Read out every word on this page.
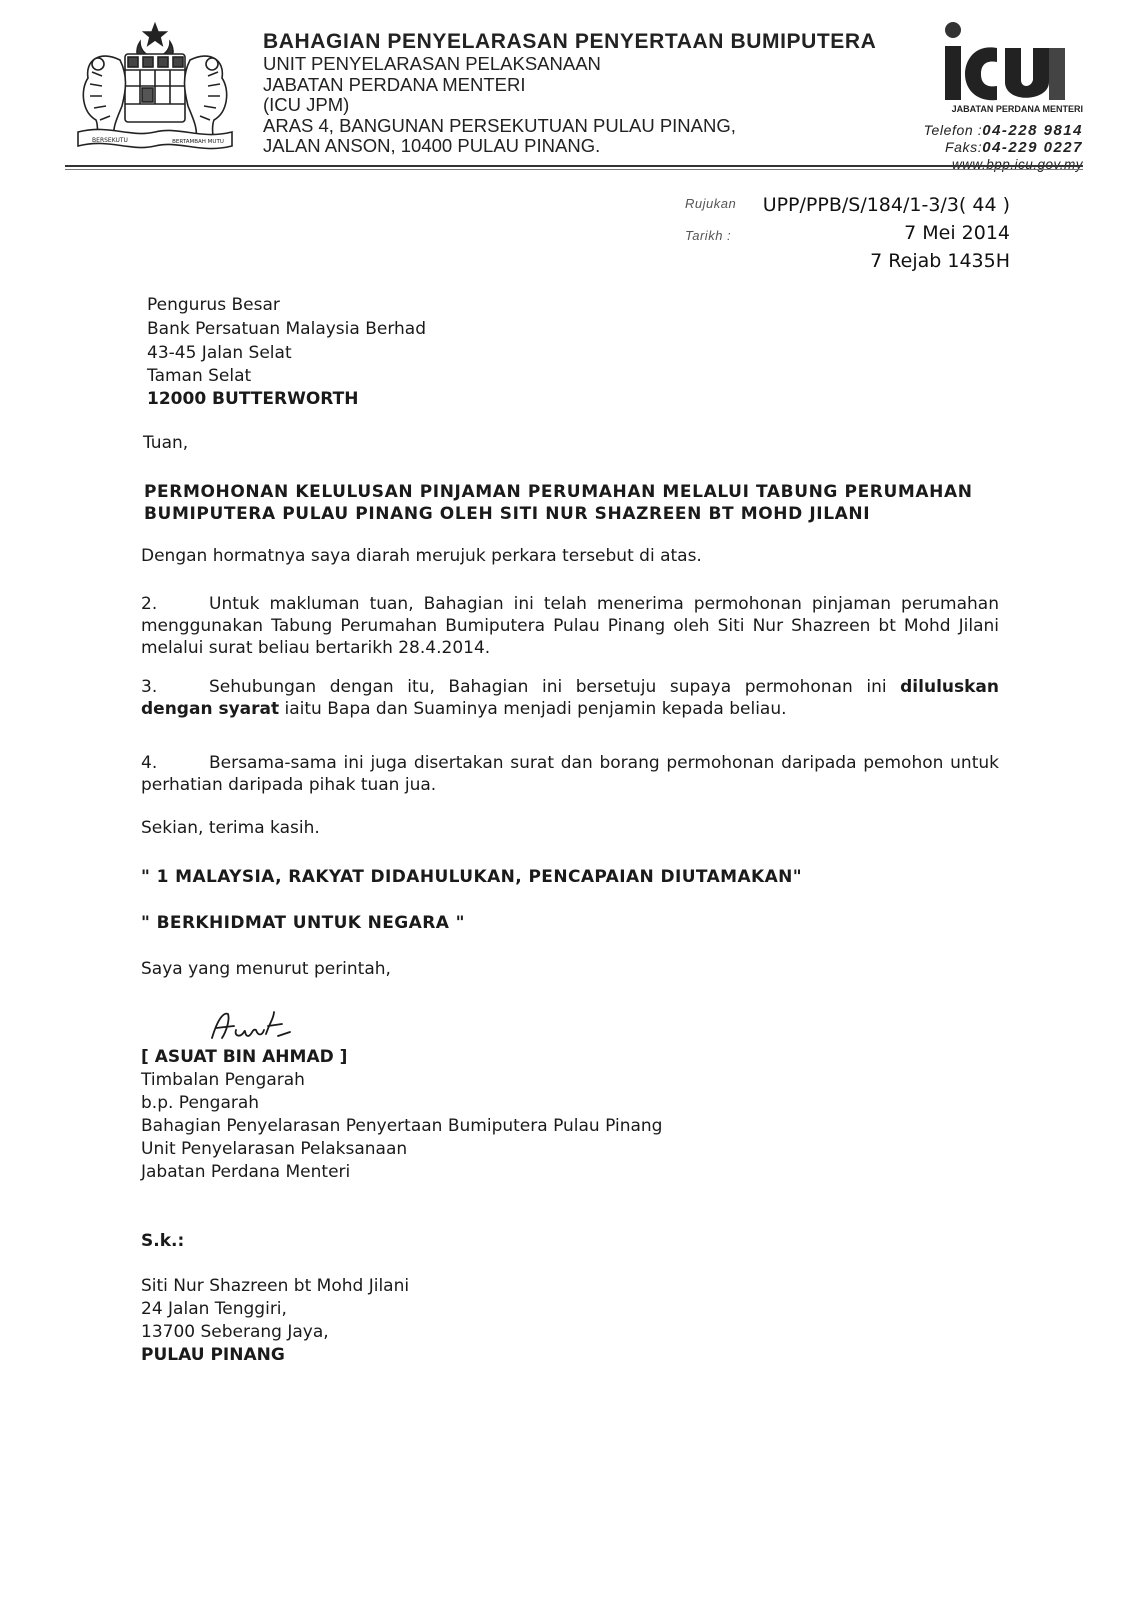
BERSEKUTU	BERTAMBAH MUTU
BAHAGIAN PENYELARASAN PENYERTAAN BUMIPUTERA
UNIT PENYELARASAN PELAKSANAAN
JABATAN PERDANA MENTERI
(ICU JPM)
ARAS 4, BANGUNAN PERSEKUTUAN PULAU PINANG,
JALAN ANSON, 10400 PULAU PINANG.
icu
JABATAN PERDANA MENTERI
Telefon :04-228 9814
Faks:04-229 0227
Rujukan UPP/PPB/S/184/1-3/3( 44 )
Tarikh :	7 Mei 2014
7 Rejab 1435H
Pengurus Besar
Bank Persatuan Malaysia Berhad
43-45 Jalan Selat
Taman Selat
12000 BUTTERWORTH
Tuan,
PERMOHONAN KELULUSAN PINJAMAN PERUMAHAN MELALUI TABUNG PERUMAHAN
BUMIPUTERA PULAU PINANG OLEH SITI NUR SHAZREEN BT MOHD JILANI
Dengan hormatnya saya diarah merujuk perkara tersebut di atas.
2.	Untuk makluman tuan, Bahagian ini telah menerima permohonan pinjaman perumahan menggunakan Tabung Perumahan Bumiputera Pulau Pinang oleh Siti Nur Shazreen bt Mohd Jilani melalui surat beliau bertarikh 28.4.2014.
3.	Sehubungan dengan itu, Bahagian ini bersetuju supaya permohonan ini diluluskan dengan syarat iaitu Bapa dan Suaminya menjadi penjamin kepada beliau.
4.	Bersama-sama ini juga disertakan surat dan borang permohonan daripada pemohon untuk perhatian daripada pihak tuan jua.
Sekian, terima kasih.
" 1 MALAYSIA, RAKYAT DIDAHULUKAN, PENCAPAIAN DIUTAMAKAN"
" BERKHIDMAT UNTUK NEGARA "
Saya yang menurut perintah,
Asuat
[ ASUAT BIN AHMAD ]
Timbalan Pengarah
b.p. Pengarah
Bahagian Penyelarasan Penyertaan Bumiputera Pulau Pinang
Unit Penyelarasan Pelaksanaan
Jabatan Perdana Menteri
S.k.:
Siti Nur Shazreen bt Mohd Jilani
24 Jalan Tenggiri,
13700 Seberang Jaya,
PULAU PINANG
